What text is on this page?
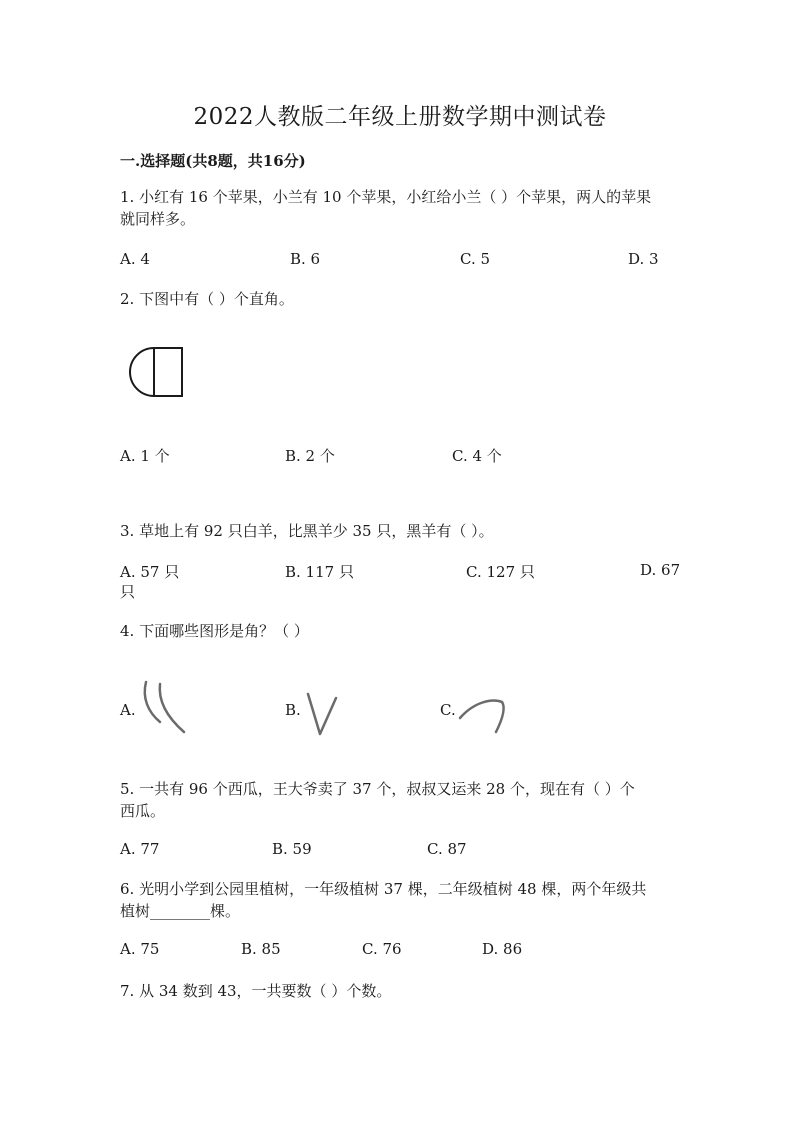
2022人教版二年级上册数学期中测试卷
一.选择题(共8题，共16分)
1. 小红有 16 个苹果，小兰有 10 个苹果，小红给小兰（ ）个苹果，两人的苹果
就同样多。
A. 4	B. 6	C. 5	D. 3
2. 下图中有（ ）个直角。
A. 1 个	B. 2 个	C. 4 个
3. 草地上有 92 只白羊，比黑羊少 35 只，黑羊有（ ）。
A. 57 只	B. 117 只	C. 127 只	D. 67
只
4. 下面哪些图形是角？（ ）
A.	B.	C.
5. 一共有 96 个西瓜，王大爷卖了 37 个，叔叔又运来 28 个，现在有（ ）个
西瓜。
A. 77	B. 59	C. 87
6. 光明小学到公园里植树，一年级植树 37 棵，二年级植树 48 棵，两个年级共
植树________棵。
A. 75	B. 85	C. 76	D. 86
7. 从 34 数到 43，一共要数（ ）个数。
